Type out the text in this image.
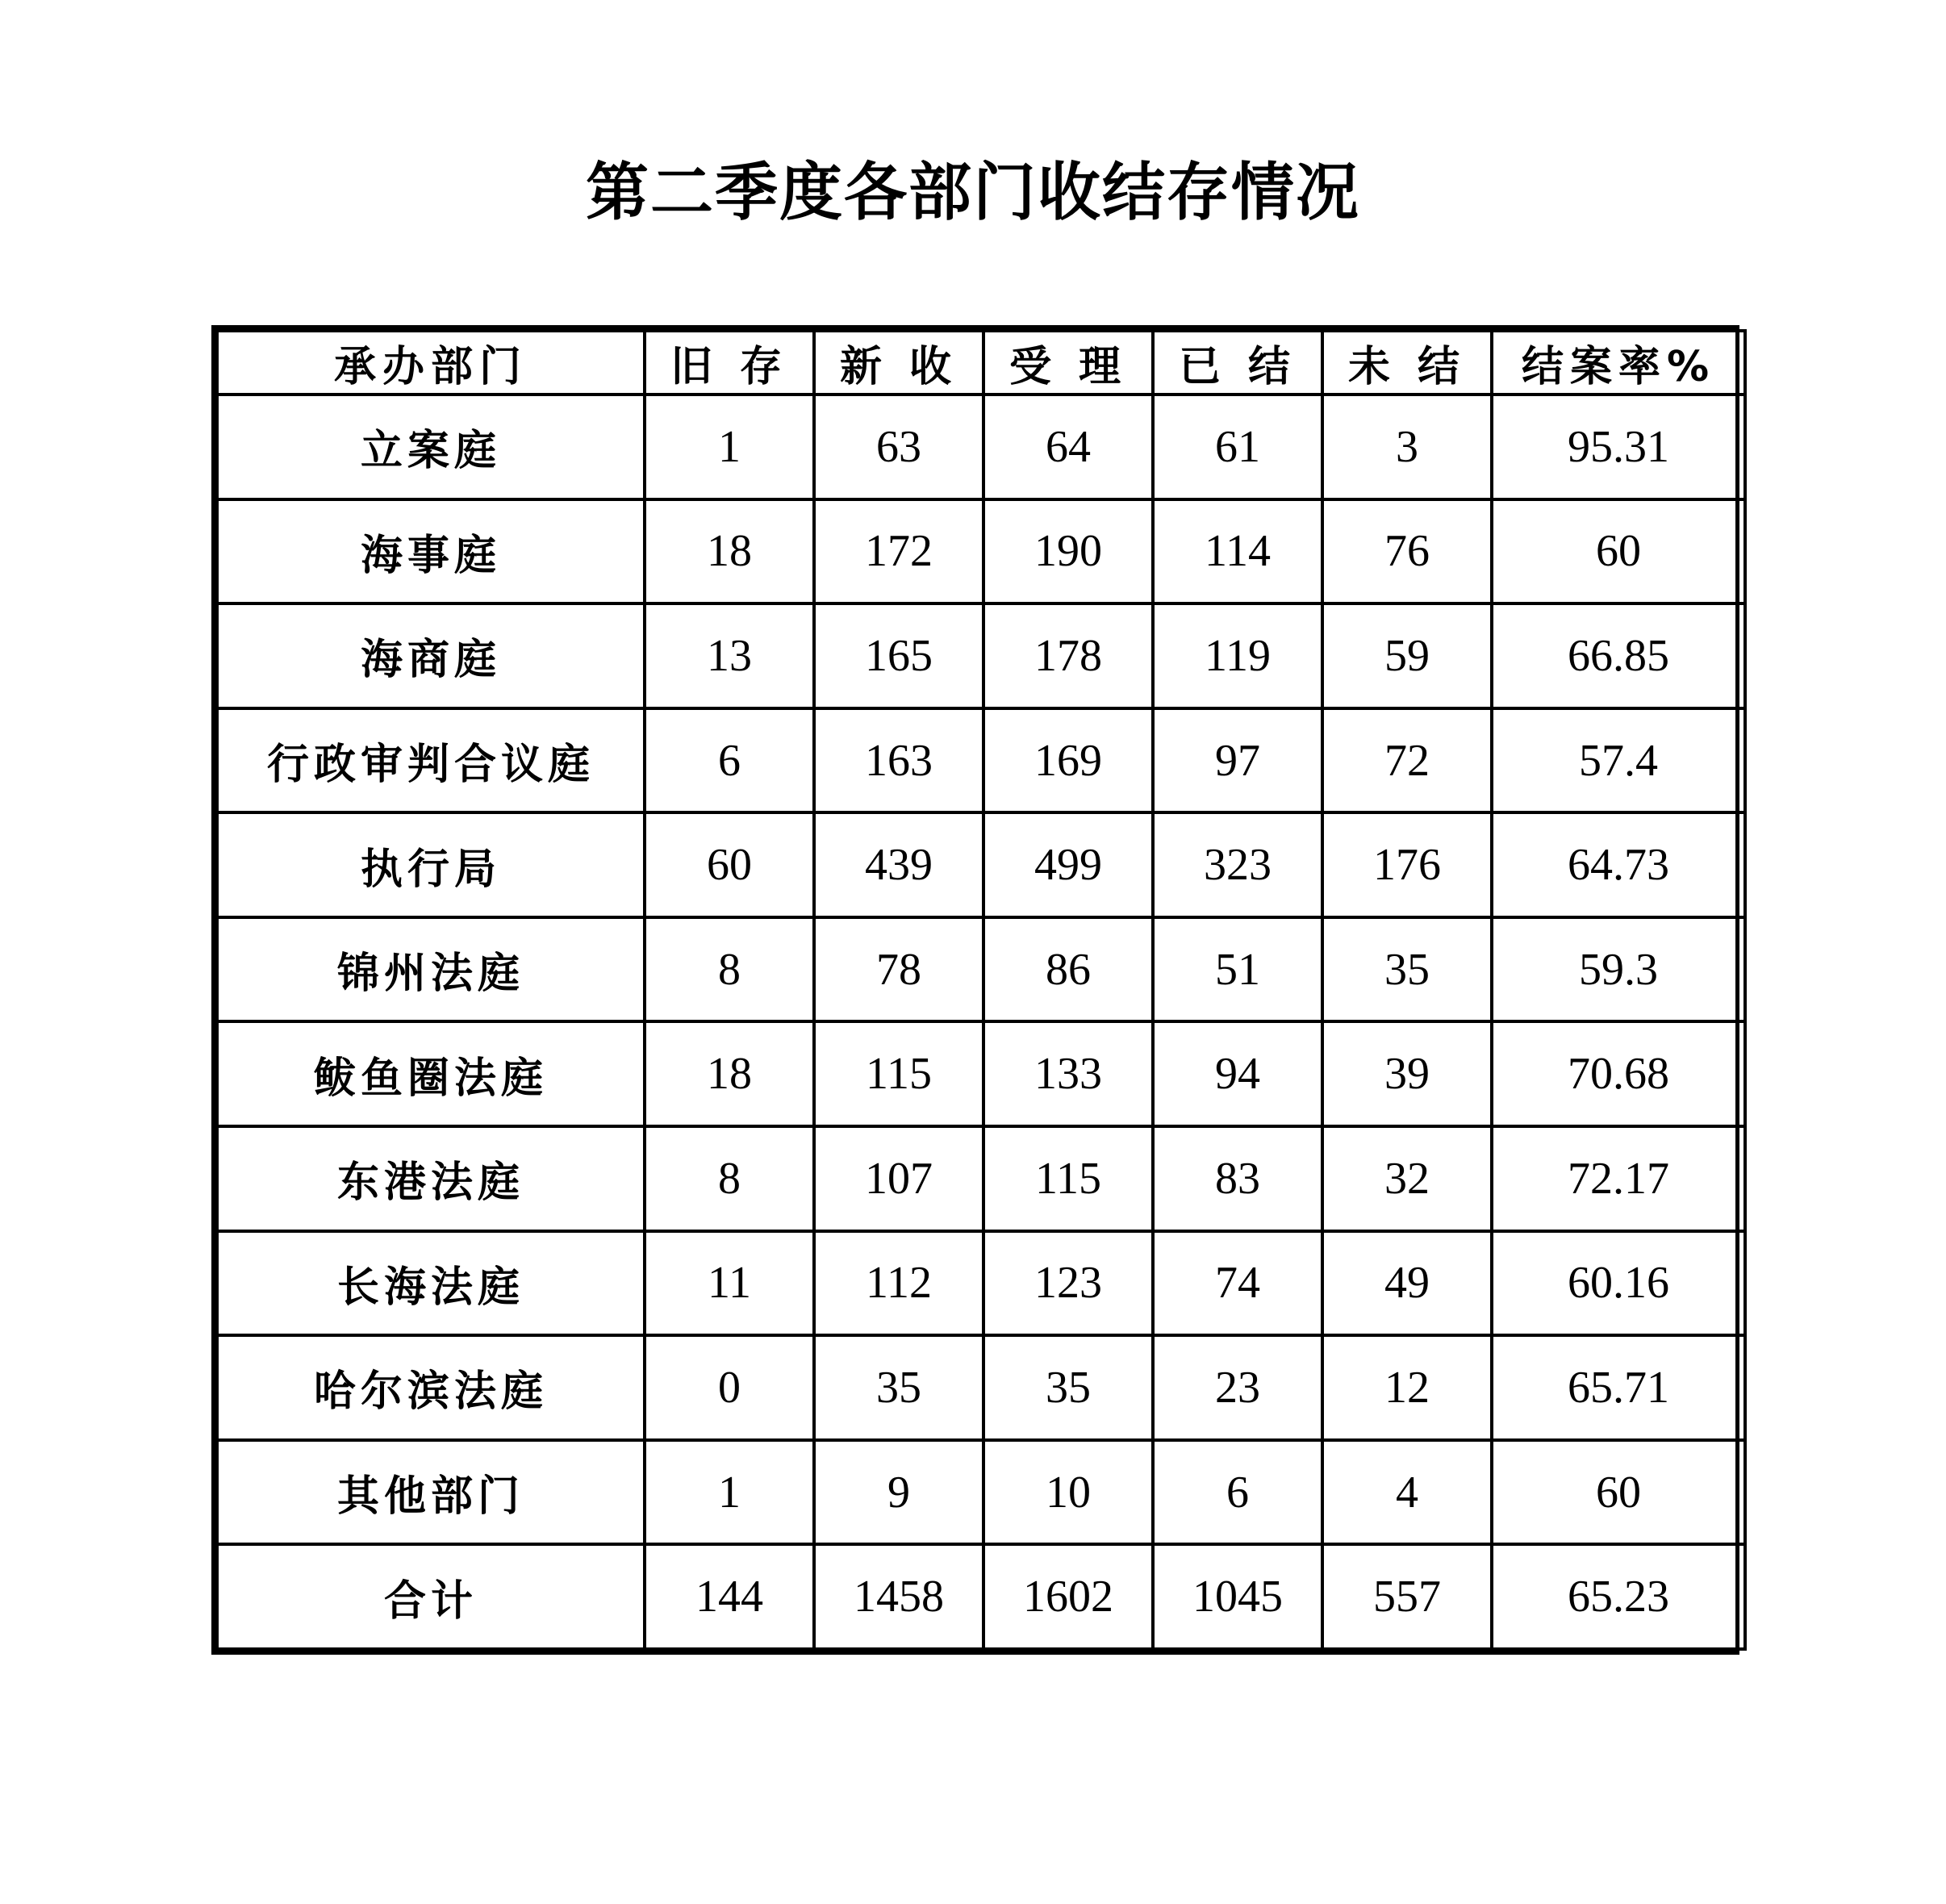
第二季度各部门收结存情况
承办部门	旧 存	新 收	受 理	已 结	未 结	结案率%
立案庭	1	63	64	61	3	95.31
海事庭	18	172	190	114	76	60
海商庭	13	165	178	119	59	66.85
行政审判合议庭	6	163	169	97	72	57.4
执行局	60	439	499	323	176	64.73
锦州法庭	8	78	86	51	35	59.3
鲅鱼圈法庭	18	115	133	94	39	70.68
东港法庭	8	107	115	83	32	72.17
长海法庭	11	112	123	74	49	60.16
哈尔滨法庭	0	35	35	23	12	65.71
其他部门	1	9	10	6	4	60
合计	144	1458	1602	1045	557	65.23
